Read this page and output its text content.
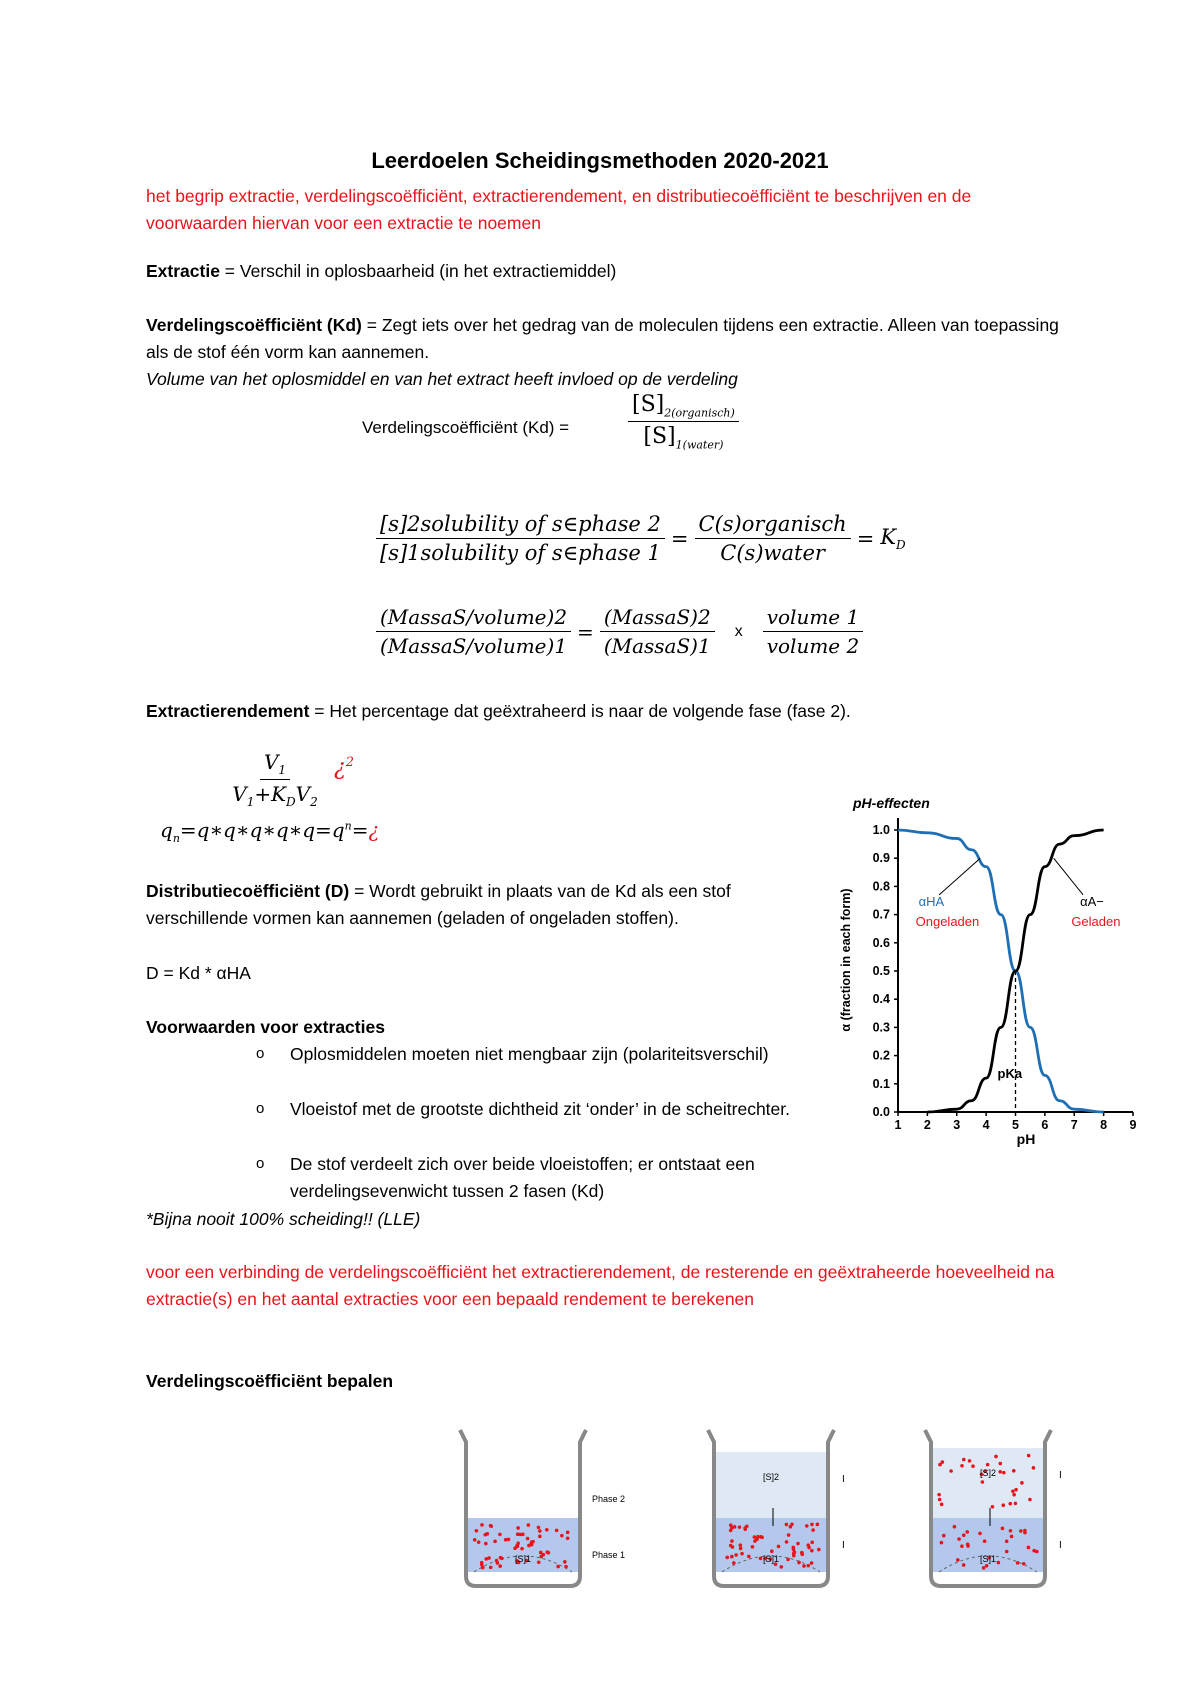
Leerdoelen Scheidingsmethoden 2020-2021
het begrip extractie, verdelingscoëfficiënt, extractierendement, en distributiecoëfficiënt te beschrijven en de voorwaarden hiervan voor een extractie te noemen
Extractie = Verschil in oplosbaarheid (in het extractiemiddel)
Verdelingscoëfficiënt (Kd) = Zegt iets over het gedrag van de moleculen tijdens een extractie. Alleen van toepassing als de stof één vorm kan aannemen.
Volume van het oplosmiddel en van het extract heeft invloed op de verdeling
Verdelingscoëfficiënt (Kd) =	$\frac{[S]_{2(organisch)}}{[S]_{1(water)}}$
$\frac{\text{[s]2solubility of s∈phase 2}}{\text{[s]1solubility of s∈phase 1}} = \frac{\text{C(s)organisch}}{\text{C(s)water}} = K_D$
$\frac{\text{(MassaS/volume)2}}{\text{(MassaS/volume)1}} = \frac{\text{(MassaS)2}}{\text{(MassaS)1}}$ x $\frac{\text{volume 1}}{\text{volume 2}}$
Extractierendement = Het percentage dat geëxtraheerd is naar de volgende fase (fase 2).
$\frac{V_1}{V_1+K_DV_2}$ ¿$^2$
$q_n=q∗q∗q∗q∗q=q^n=¿$
Distributiecoëfficiënt (D) = Wordt gebruikt in plaats van de Kd als een stof verschillende vormen kan aannemen (geladen of ongeladen stoffen).
D = Kd * αHA
Voorwaarden voor extracties
o Oplosmiddelen moeten niet mengbaar zijn (polariteitsverschil)
o Vloeistof met de grootste dichtheid zit ‘onder’ in de scheitrechter.
o De stof verdeelt zich over beide vloeistoffen; er ontstaat een verdelingsevenwicht tussen 2 fasen (Kd)
*Bijna nooit 100% scheiding!! (LLE)
voor een verbinding de verdelingscoëfficiënt het extractierendement, de resterende en geëxtraheerde hoeveelheid na extractie(s) en het aantal extracties voor een bepaald rendement te berekenen
Verdelingscoëfficiënt bepalen
pH-effecten
0.0
0.1
0.2
0.3
0.4
0.5
0.6
0.7
0.8
0.9
1.0
1 2 3 4 5 6 7 8 9
αHA
Ongeladen
αA−
Geladen
pKa
α (fraction in each form)
pH
[S]1
Phase 2
Phase 1	[S]1
[S]2	I
I
[S]1
[S]2	I
I
